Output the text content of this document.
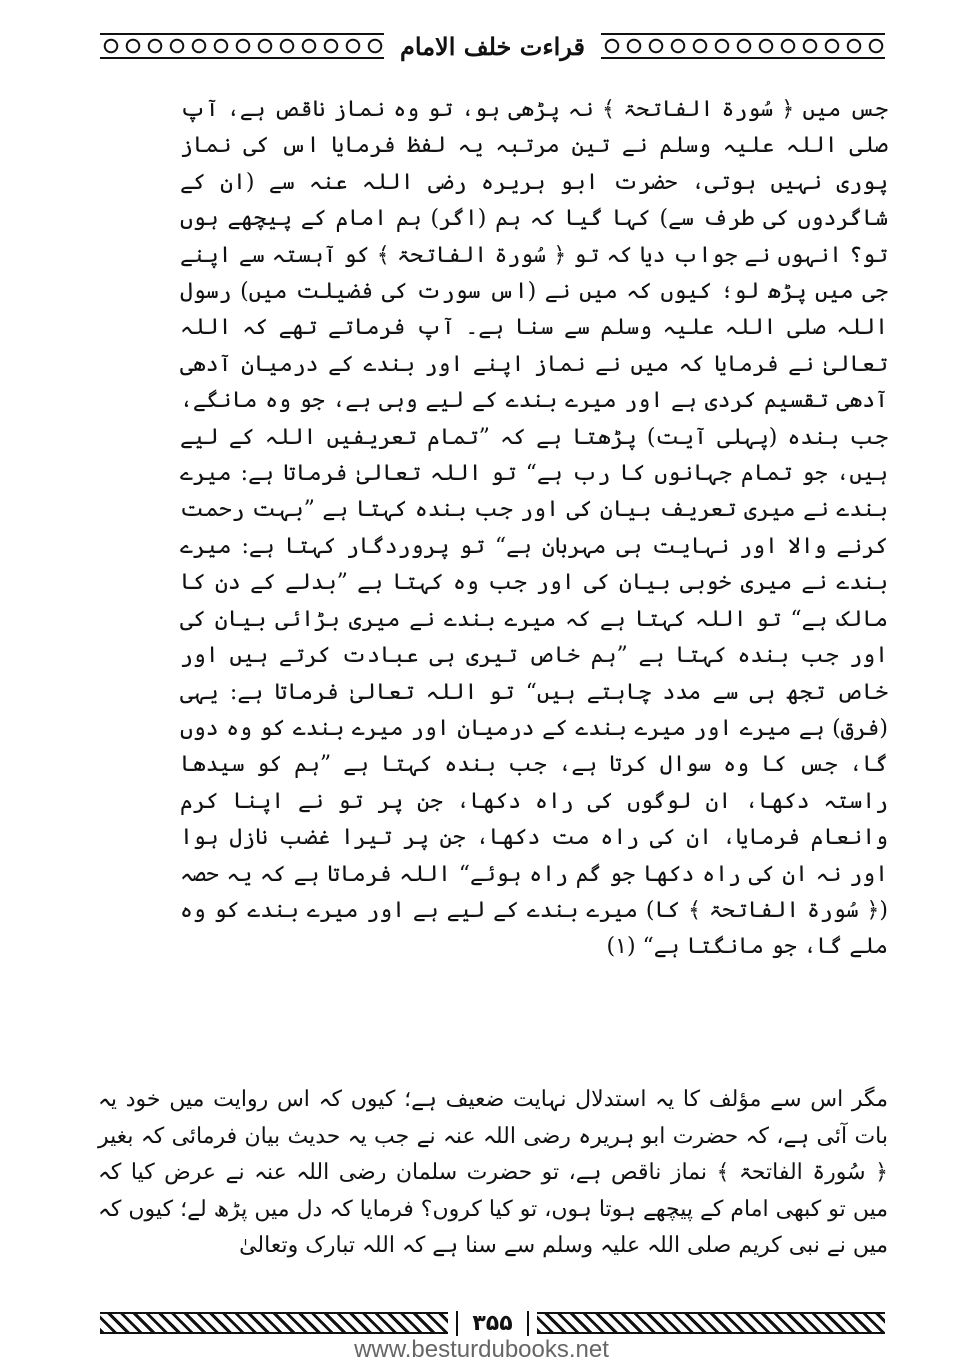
قراءت خلف الامام
جس میں ﴿ سُورۃ الفاتحۃ ﴾ نہ پڑھی ہو، تو وہ نماز ناقص ہے، آپ صلی اللہ علیہ وسلم نے تین مرتبہ یہ لفظ فرمایا اس کی نماز پوری نہیں ہوتی، حضرت ابو ہریرہ رضی اللہ عنہ سے (ان کے شاگردوں کی طرف سے) کہا گیا کہ ہم (اگر) ہم امام کے پیچھے ہوں تو؟ انہوں نے جواب دیا کہ تو ﴿ سُورۃ الفاتحۃ ﴾ کو آہستہ سے اپنے جی میں پڑھ لو؛ کیوں کہ میں نے (اس سورت کی فضیلت میں) رسول اللہ صلی اللہ علیہ وسلم سے سنا ہے۔ آپ فرماتے تھے کہ اللہ تعالیٰ نے فرمایا کہ میں نے نماز اپنے اور بندے کے درمیان آدھی آدھی تقسیم کردی ہے اور میرے بندے کے لیے وہی ہے، جو وہ مانگے، جب بندہ (پہلی آیت) پڑھتا ہے کہ ”تمام تعریفیں اللہ کے لیے ہیں، جو تمام جہانوں کا رب ہے“ تو اللہ تعالیٰ فرماتا ہے: میرے بندے نے میری تعریف بیان کی اور جب بندہ کہتا ہے ”بہت رحمت کرنے والا اور نہایت ہی مہربان ہے“ تو پروردگار کہتا ہے: میرے بندے نے میری خوبی بیان کی اور جب وہ کہتا ہے ”بدلے کے دن کا مالک ہے“ تو اللہ کہتا ہے کہ میرے بندے نے میری بڑائی بیان کی اور جب بندہ کہتا ہے ”ہم خاص تیری ہی عبادت کرتے ہیں اور خاص تجھ ہی سے مدد چاہتے ہیں“ تو اللہ تعالیٰ فرماتا ہے: یہی (فرق) ہے میرے اور میرے بندے کے درمیان اور میرے بندے کو وہ دوں گا، جس کا وہ سوال کرتا ہے، جب بندہ کہتا ہے ”ہم کو سیدھا راستہ دکھا، ان لوگوں کی راہ دکھا، جن پر تو نے اپنا کرم وانعام فرمایا، ان کی راہ مت دکھا، جن پر تیرا غضب نازل ہوا اور نہ ان کی راہ دکھا جو گم راہ ہوئے“ اللہ فرماتا ہے کہ یہ حصہ (﴿ سُورۃ الفاتحۃ ﴾ کا) میرے بندے کے لیے ہے اور میرے بندے کو وہ ملے گا، جو مانگتا ہے“ (۱)
مگر اس سے مؤلف کا یہ استدلال نہایت ضعیف ہے؛ کیوں کہ اس روایت میں خود یہ بات آئی ہے، کہ حضرت ابو ہریرہ رضی اللہ عنہ نے جب یہ حدیث بیان فرمائی کہ بغیر ﴿ سُورۃ الفاتحۃ ﴾ نماز ناقص ہے، تو حضرت سلمان رضی اللہ عنہ نے عرض کیا کہ میں تو کبھی امام کے پیچھے ہوتا ہوں، تو کیا کروں؟ فرمایا کہ دل میں پڑھ لے؛ کیوں کہ میں نے نبی کریم صلی اللہ علیہ وسلم سے سنا ہے کہ اللہ تبارک وتعالیٰ
۳۵۵
www.besturdubooks.net
